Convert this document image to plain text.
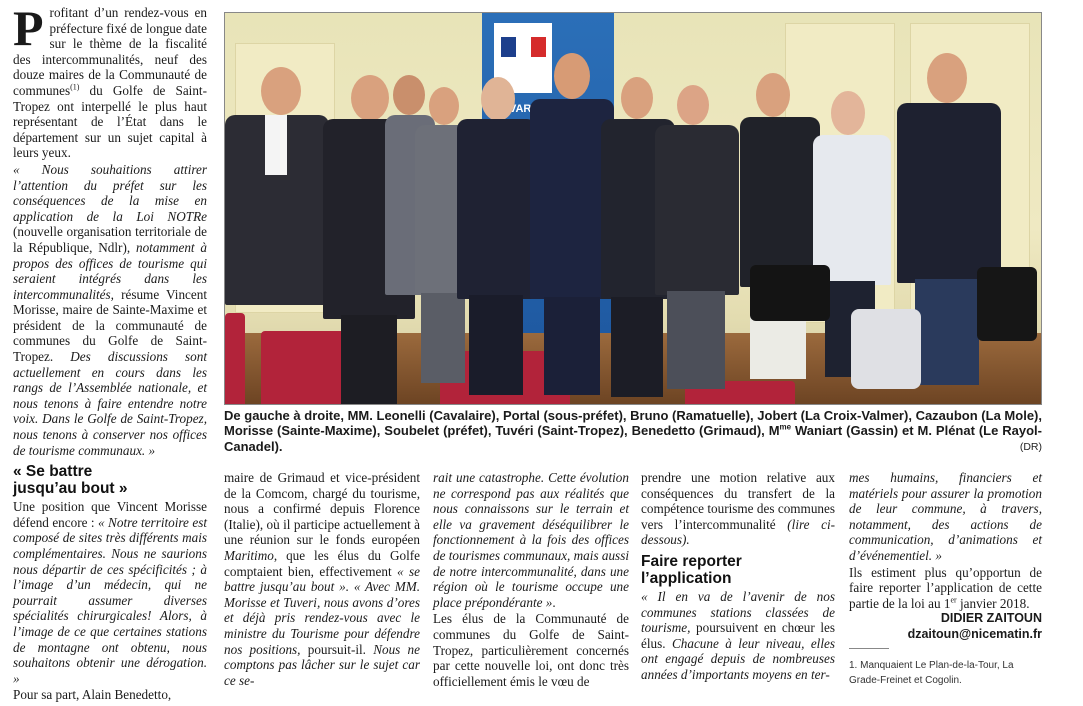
Profitant d’un rendez-vous en préfecture fixé de longue date sur le thème de la fiscalité des intercommunalités, neuf des douze maires de la Communauté de communes$^{(1)}$ du Golfe de Saint-Tropez ont interpellé le plus haut représentant de l’État dans le département sur un sujet capital à leurs yeux.

« Nous souhaitions attirer l’attention du préfet sur les conséquences de la mise en application de la Loi NOTRe (nouvelle organisation territoriale de la République, Ndlr), notamment à propos des offices de tourisme qui seraient intégrés dans les intercommunalités, résume Vincent Morisse, maire de Sainte-Maxime et président de la communauté de communes du Golfe de Saint-Tropez. Des discussions sont actuellement en cours dans les rangs de l’Assemblée nationale, et nous tenons à faire entendre notre voix. Dans le Golfe de Saint-Tropez, nous tenons à conserver nos offices de tourisme communaux. »

« Se battre
jusqu’au bout »

Une position que Vincent Morisse défend encore : « Notre territoire est composé de sites très différents mais complémentaires. Nous ne saurions nous départir de ces spécificités ; à l’image d’un médecin, qui ne pourrait assumer diverses spécialités chirurgicales! Alors, à l’image de ce que certaines stations de montagne ont obtenu, nous souhaitons obtenir une dérogation. »

Pour sa part, Alain Benedetto,

VAR
De gauche à droite, MM. Leonelli (Cavalaire), Portal (sous-préfet), Bruno (Ramatuelle), Jobert (La Croix-Valmer), Cazaubon (La Mole), Morisse (Sainte-Maxime), Soubelet (préfet), Tuvéri (Saint-Tropez), Benedetto (Grimaud), $M^{me}$ Waniart (Gassin) et M. Plénat (Le Rayol-Canadel).	(DR)

maire de Grimaud et vice-président de la Comcom, chargé du tourisme, nous a confirmé depuis Florence (Italie), où il participe actuellement à une réunion sur le fonds européen Maritimo, que les élus du Golfe comptaient bien, effectivement « se battre jusqu’au bout ». « Avec MM. Morisse et Tuveri, nous avons d’ores et déjà pris rendez-vous avec le ministre du Tourisme pour défendre nos positions, poursuit-il. Nous ne comptons pas lâcher sur le sujet car ce se-

rait une catastrophe. Cette évolution ne correspond pas aux réalités que nous connaissons sur le terrain et elle va gravement déséquilibrer le fonctionnement à la fois des offices de tourismes communaux, mais aussi de notre intercommunalité, dans une région où le tourisme occupe une place prépondérante ».

Les élus de la Communauté de communes du Golfe de Saint-Tropez, particulièrement concernés par cette nouvelle loi, ont donc très officiellement émis le vœu de

prendre une motion relative aux conséquences du transfert de la compétence tourisme des communes vers l’intercommunalité (lire ci-dessous).

Faire reporter
l’application

« Il en va de l’avenir de nos communes stations classées de tourisme, poursuivent en chœur les élus. Chacune à leur niveau, elles ont engagé depuis de nombreuses années d’importants moyens en ter-

mes humains, financiers et matériels pour assurer la promotion de leur commune, à travers, notamment, des actions de communication, d’animations et d’événementiel. »

Ils estiment plus qu’opportun de faire reporter l’application de cette partie de la loi au 1er janvier 2018.

DIDIER ZAITOUN
dzaitoun@nicematin.fr
1. Manquaient Le Plan-de-la-Tour, La Grade-Freinet et Cogolin.
